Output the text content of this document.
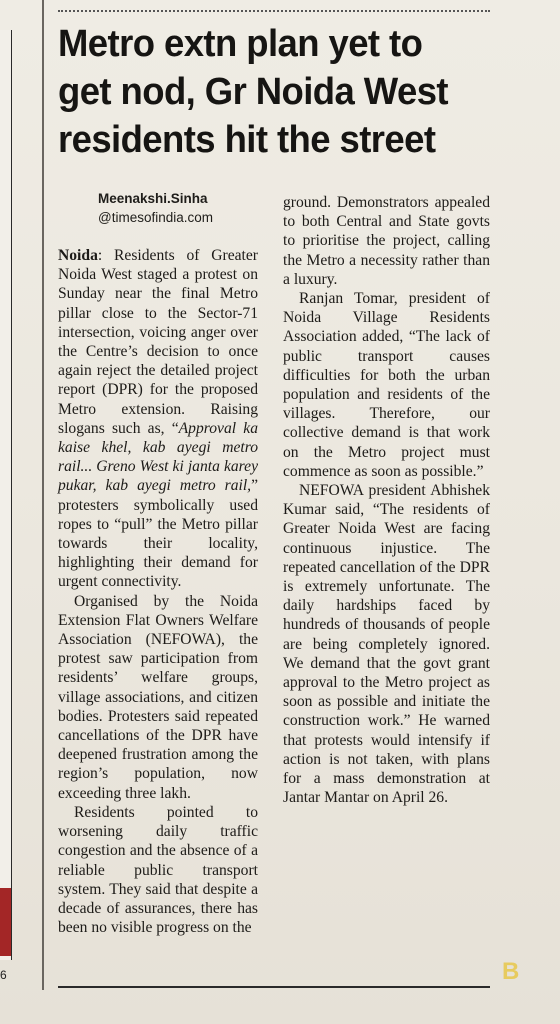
Metro extn plan yet to get nod, Gr Noida West residents hit the street
Meenakshi.Sinha
@timesofindia.com

Noida: Residents of Greater Noida West staged a protest on Sunday near the final Metro pillar close to the Sector-71 intersection, voicing anger over the Centre’s decision to once again reject the detailed project report (DPR) for the proposed Metro extension. Raising slogans such as, “Approval ka kaise khel, kab ayegi metro rail... Greno West ki janta karey pukar, kab ayegi metro rail,” protesters symbolically used ropes to “pull” the Metro pillar towards their locality, highlighting their demand for urgent connectivity.

Organised by the Noida Extension Flat Owners Welfare Association (NEFOWA), the protest saw participation from residents’ welfare groups, village associations, and citizen bodies. Protesters said repeated cancellations of the DPR have deepened frustration among the region’s population, now exceeding three lakh.

Residents pointed to worsening daily traffic congestion and the absence of a reliable public transport system. They said that despite a decade of assurances, there has been no visible progress on the

ground. Demonstrators appealed to both Central and State govts to prioritise the project, calling the Metro a necessity rather than a luxury.

Ranjan Tomar, president of Noida Village Residents Association added, “The lack of public transport causes difficulties for both the urban population and residents of the villages. Therefore, our collective demand is that work on the Metro project must commence as soon as possible.”

NEFOWA president Abhishek Kumar said, “The residents of Greater Noida West are facing continuous injustice. The repeated cancellation of the DPR is extremely unfortunate. The daily hardships faced by hundreds of thousands of people are being completely ignored. We demand that the govt grant approval to the Metro project as soon as possible and initiate the construction work.” He warned that protests would intensify if action is not taken, with plans for a mass demonstration at Jantar Mantar on April 26.

6	B
